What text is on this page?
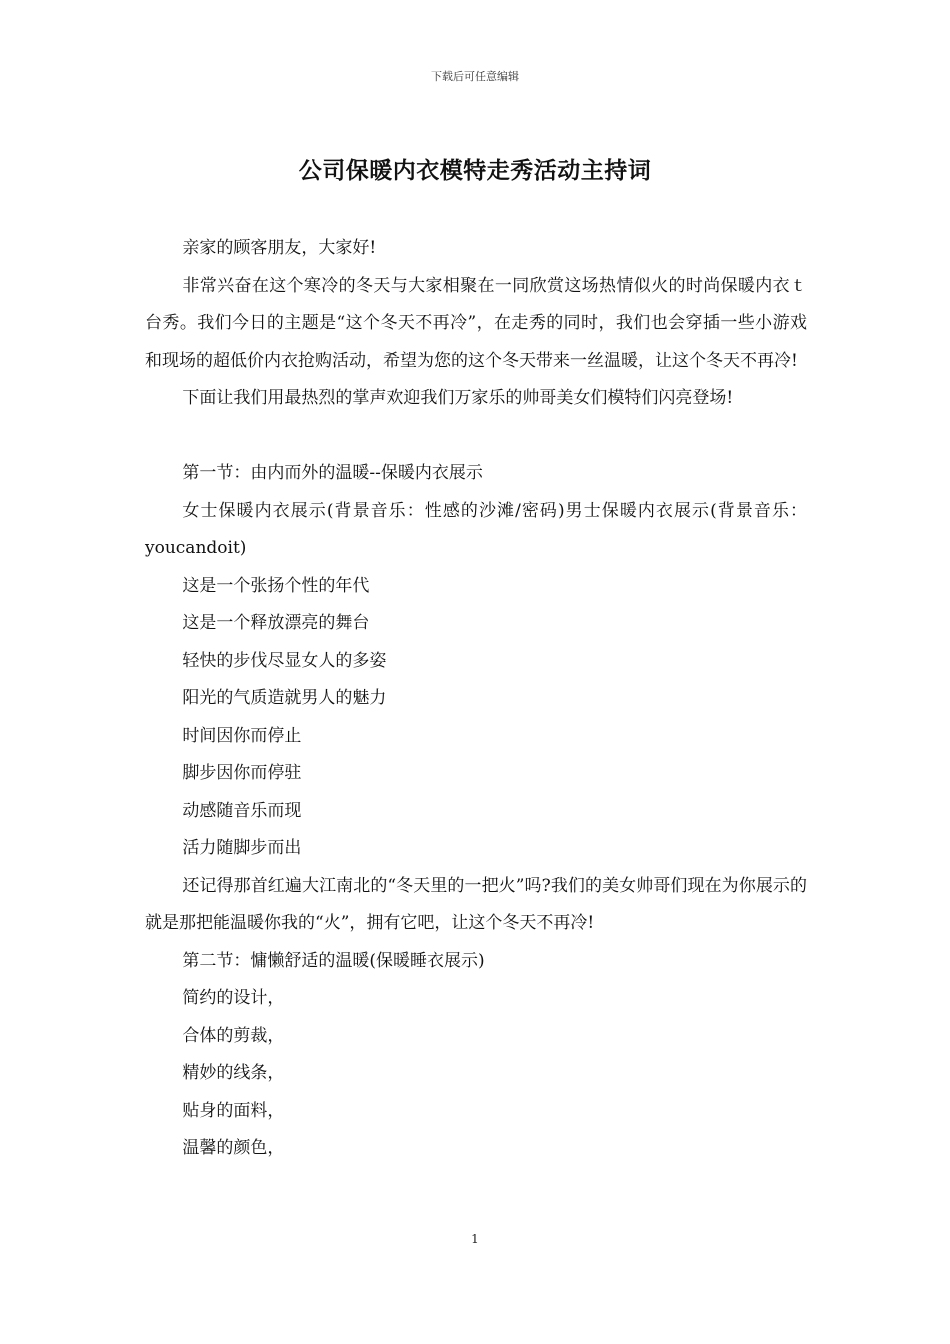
下载后可任意编辑
公司保暖内衣模特走秀活动主持词

亲家的顾客朋友，大家好!

非常兴奋在这个寒冷的冬天与大家相聚在一同欣赏这场热情似火的时尚保暖内衣ｔ台秀。我们今日的主题是“这个冬天不再冷”，在走秀的同时，我们也会穿插一些小游戏和现场的超低价内衣抢购活动，希望为您的这个冬天带来一丝温暖，让这个冬天不再冷!

下面让我们用最热烈的掌声欢迎我们万家乐的帅哥美女们模特们闪亮登场!

第一节：由内而外的温暖--保暖内衣展示

女士保暖内衣展示(背景音乐：性感的沙滩/密码)男士保暖内衣展示(背景音乐：youcandoit)

这是一个张扬个性的年代

这是一个释放漂亮的舞台

轻快的步伐尽显女人的多姿

阳光的气质造就男人的魅力

时间因你而停止

脚步因你而停驻

动感随音乐而现

活力随脚步而出

还记得那首红遍大江南北的“冬天里的一把火”吗?我们的美女帅哥们现在为你展示的就是那把能温暖你我的“火”，拥有它吧，让这个冬天不再冷!

第二节：慵懒舒适的温暖(保暖睡衣展示)

简约的设计，

合体的剪裁，

精妙的线条，

贴身的面料，

温馨的颜色，

1
